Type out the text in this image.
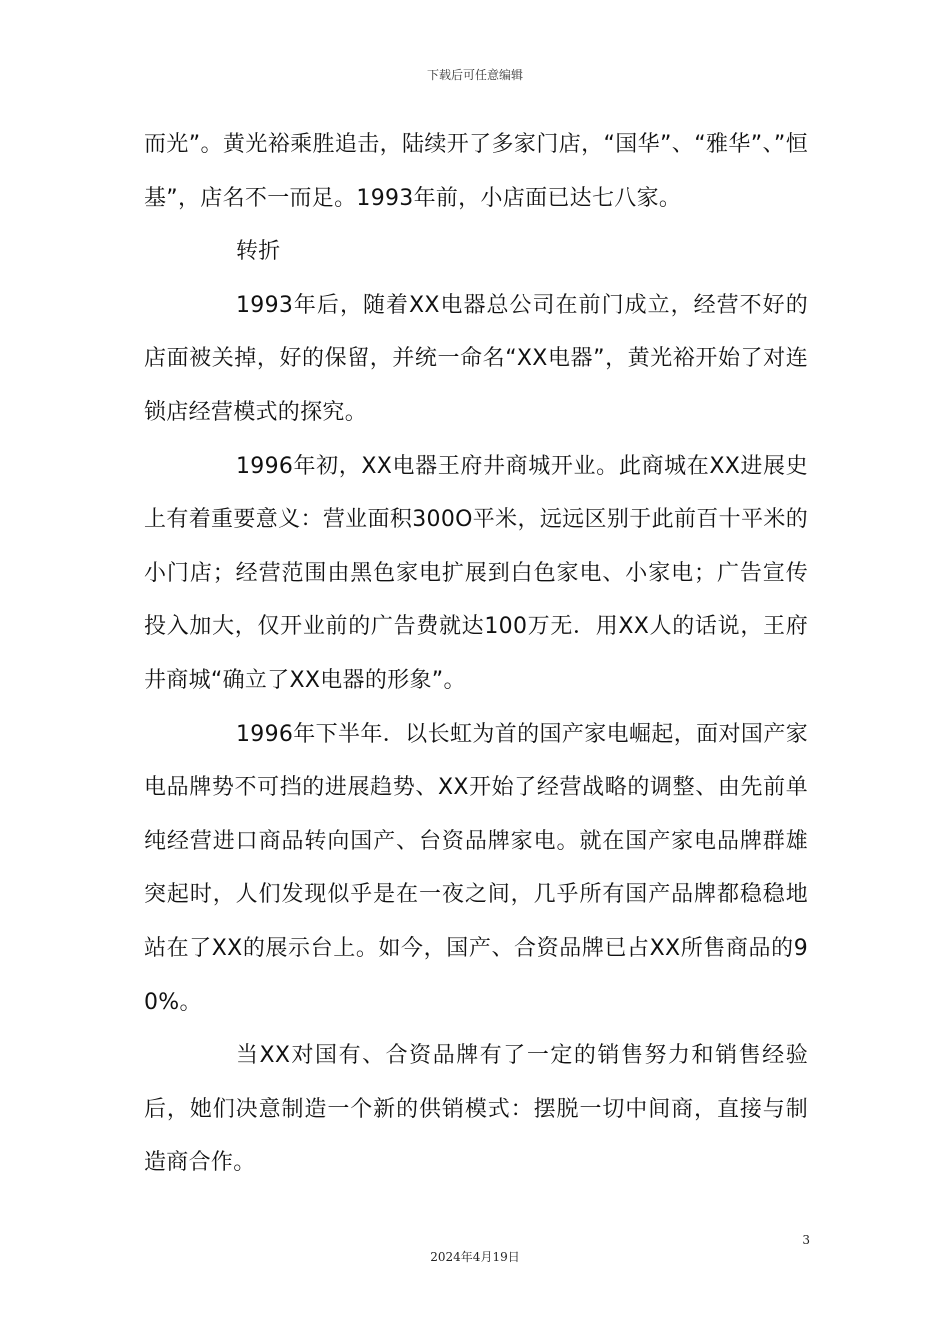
下载后可任意编辑

而光”。黄光裕乘胜追击，陆续开了多家门店，“国华”、“雅华”、”恒基”，店名不一而足。1993年前，小店面已达七八家。

转折

1993年后，随着XX电器总公司在前门成立，经营不好的店面被关掉，好的保留，并统一命名“XX电器”，黄光裕开始了对连锁店经营模式的探究。

1996年初，XX电器王府井商城开业。此商城在XX进展史上有着重要意义：营业面积300O平米，远远区别于此前百十平米的小门店；经营范围由黑色家电扩展到白色家电、小家电；广告宣传投入加大，仅开业前的广告费就达100万无．用XX人的话说，王府井商城“确立了XX电器的形象”。

1996年下半年．以长虹为首的国产家电崛起，面对国产家电品牌势不可挡的进展趋势、XX开始了经营战略的调整、由先前单纯经营进口商品转向国产、台资品牌家电。就在国产家电品牌群雄突起时，人们发现似乎是在一夜之间，几乎所有国产品牌都稳稳地站在了XX的展示台上。如今，国产、合资品牌已占XX所售商品的90%。

当XX对国有、合资品牌有了一定的销售努力和销售经验后，她们决意制造一个新的供销模式：摆脱一切中间商，直接与制造商合作。

3
2024年4月19日
